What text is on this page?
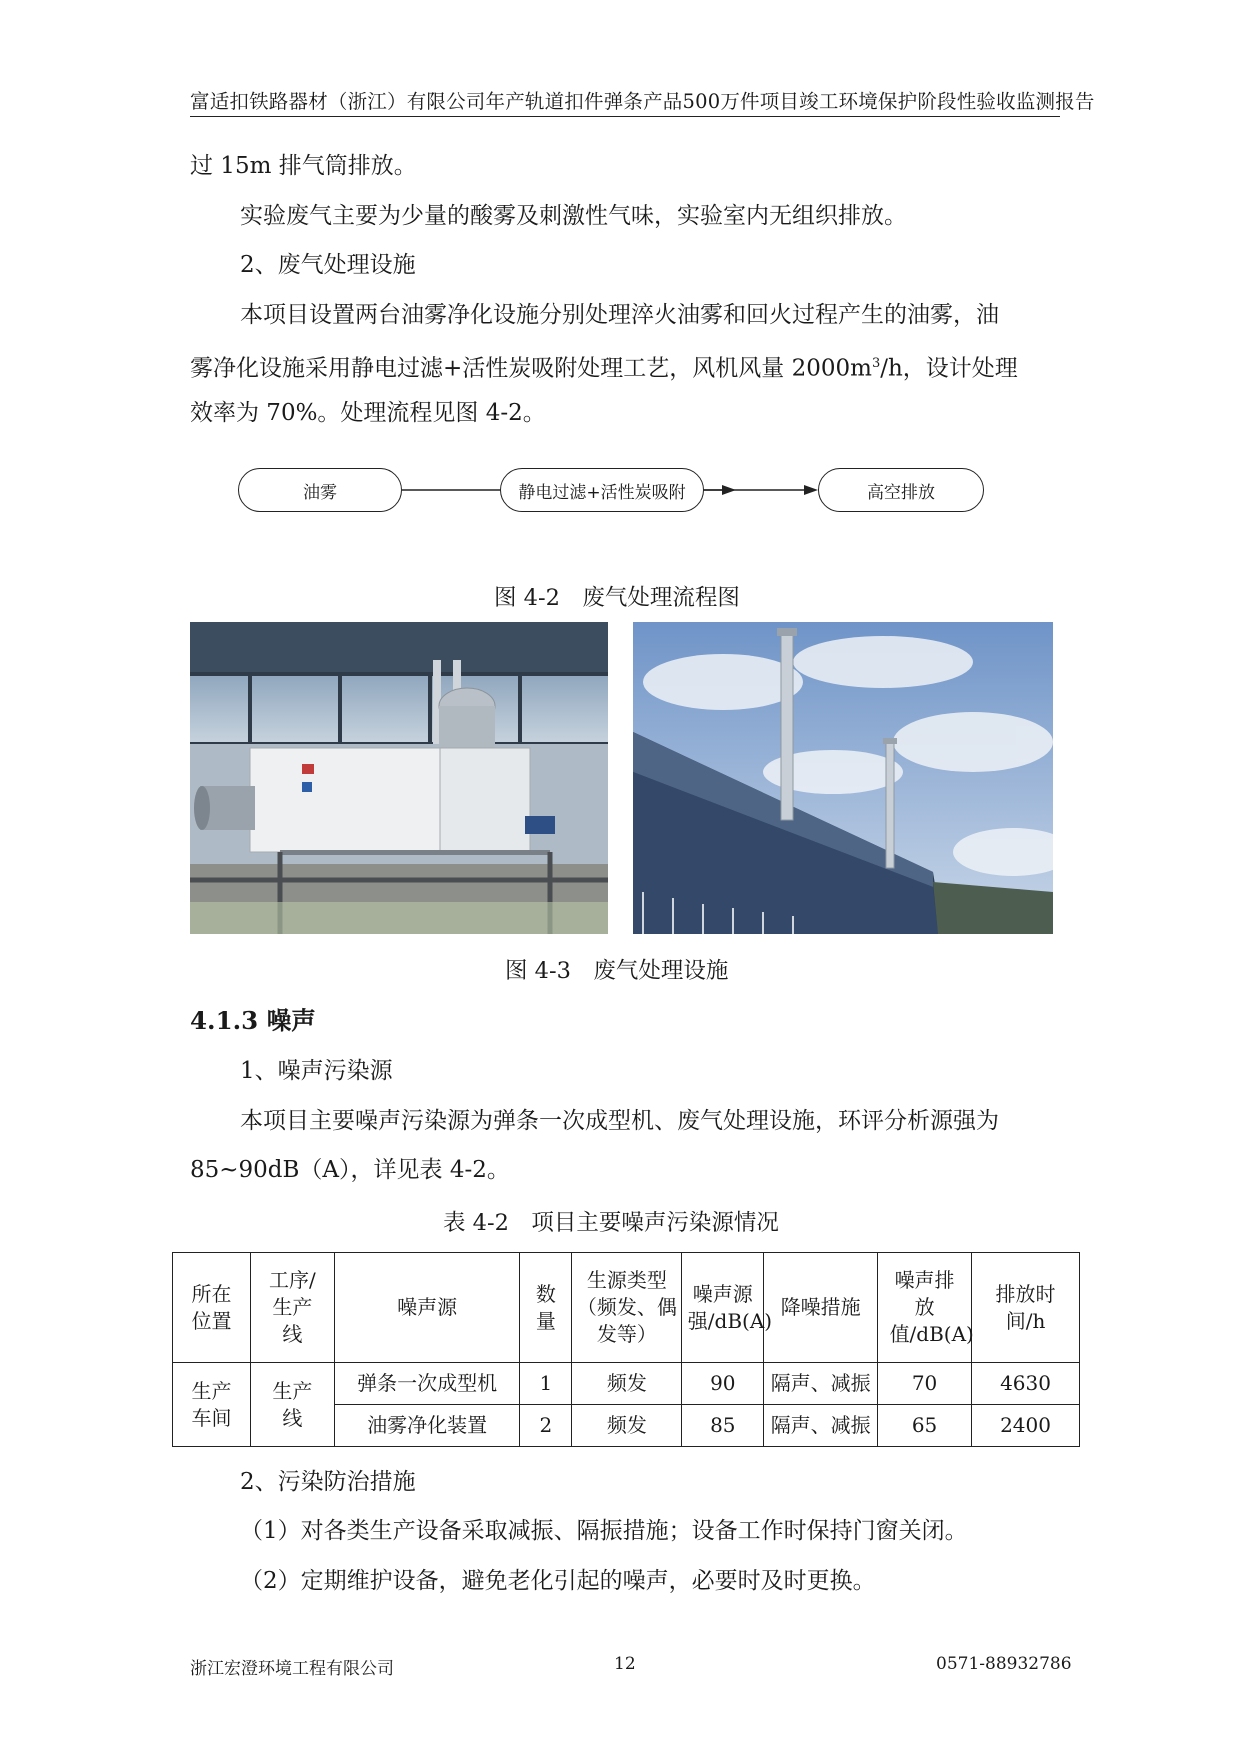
富适扣铁路器材（浙江）有限公司年产轨道扣件弹条产品500万件项目竣工环境保护阶段性验收监测报告
过 15m 排气筒排放。
实验废气主要为少量的酸雾及刺激性气味，实验室内无组织排放。
2、废气处理设施
本项目设置两台油雾净化设施分别处理淬火油雾和回火过程产生的油雾，油
雾净化设施采用静电过滤+活性炭吸附处理工艺，风机风量 $2000m^3/h$，设计处理
效率为 70%。处理流程见图 4-2。
油雾	静电过滤+活性炭吸附	高空排放
图 4-2　废气处理流程图
图 4-3　废气处理设施
4.1.3 噪声
1、噪声污染源
本项目主要噪声污染源为弹条一次成型机、废气处理设施，环评分析源强为
85~90dB（A），详见表 4-2。
表 4-2　项目主要噪声污染源情况
所在位置	工序/生产线	噪声源	数量	生源类型（频发、偶发等）	噪声源强/dB(A)	降噪措施	噪声排放值/dB(A)	排放时间/h

生产车间	生产线	弹条一次成型机	1	频发	90	隔声、减振	70	4630
		油雾净化装置	2	频发	85	隔声、减振	65	2400
2、污染防治措施
（1）对各类生产设备采取减振、隔振措施；设备工作时保持门窗关闭。
（2）定期维护设备，避免老化引起的噪声，必要时及时更换。
浙江宏澄环境工程有限公司	12	0571-88932786
